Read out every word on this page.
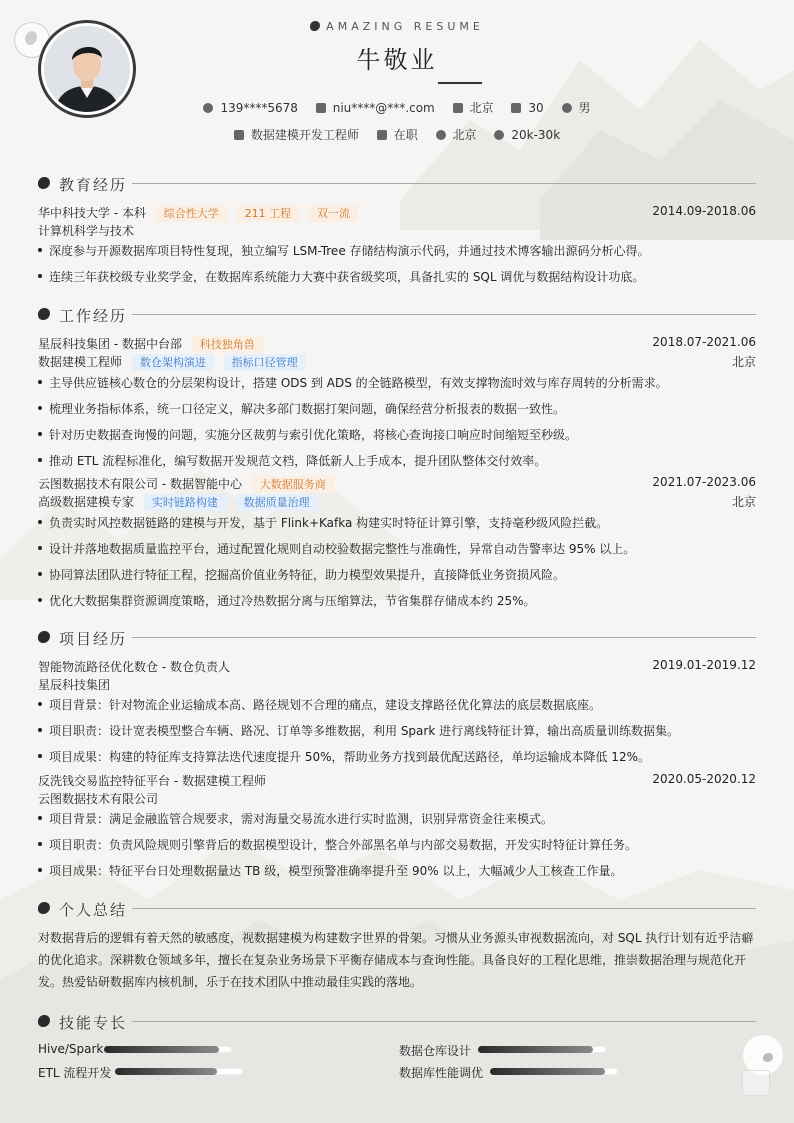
AMAZING RESUME
牛敬业
139****5678	niu****@***.com	北京	30	男
数据建模开发工程师	在职	北京	20k-30k
教育经历
华中科技大学 - 本科 综合性大学 211 工程 双一流	2014.09-2018.06
计算机科学与技术
深度参与开源数据库项目特性复现，独立编写 LSM-Tree 存储结构演示代码，并通过技术博客输出源码分析心得。
连续三年获校级专业奖学金，在数据库系统能力大赛中获省级奖项，具备扎实的 SQL 调优与数据结构设计功底。
工作经历
星辰科技集团 - 数据中台部 科技独角兽	2018.07-2021.06
数据建模工程师 数仓架构演进 指标口径管理	北京
主导供应链核心数仓的分层架构设计，搭建 ODS 到 ADS 的全链路模型，有效支撑物流时效与库存周转的分析需求。
梳理业务指标体系，统一口径定义，解决多部门数据打架问题，确保经营分析报表的数据一致性。
针对历史数据查询慢的问题，实施分区裁剪与索引优化策略，将核心查询接口响应时间缩短至秒级。
推动 ETL 流程标准化，编写数据开发规范文档，降低新人上手成本，提升团队整体交付效率。
云图数据技术有限公司 - 数据智能中心 大数据服务商	2021.07-2023.06
高级数据建模专家 实时链路构建 数据质量治理	北京
负责实时风控数据链路的建模与开发，基于 Flink+Kafka 构建实时特征计算引擎，支持毫秒级风险拦截。
设计并落地数据质量监控平台，通过配置化规则自动校验数据完整性与准确性，异常自动告警率达 95% 以上。
协同算法团队进行特征工程，挖掘高价值业务特征，助力模型效果提升，直接降低业务资损风险。
优化大数据集群资源调度策略，通过冷热数据分离与压缩算法，节省集群存储成本约 25%。
项目经历
智能物流路径优化数仓 - 数仓负责人	2019.01-2019.12
星辰科技集团
项目背景：针对物流企业运输成本高、路径规划不合理的痛点，建设支撑路径优化算法的底层数据底座。
项目职责：设计宽表模型整合车辆、路况、订单等多维数据，利用 Spark 进行离线特征计算，输出高质量训练数据集。
项目成果：构建的特征库支持算法迭代速度提升 50%，帮助业务方找到最优配送路径，单均运输成本降低 12%。
反洗钱交易监控特征平台 - 数据建模工程师	2020.05-2020.12
云图数据技术有限公司
项目背景：满足金融监管合规要求，需对海量交易流水进行实时监测，识别异常资金往来模式。
项目职责：负责风险规则引擎背后的数据模型设计，整合外部黑名单与内部交易数据，开发实时特征计算任务。
项目成果：特征平台日处理数据量达 TB 级，模型预警准确率提升至 90% 以上，大幅减少人工核查工作量。
个人总结
对数据背后的逻辑有着天然的敏感度，视数据建模为构建数字世界的骨架。习惯从业务源头审视数据流向，对 SQL 执行计划有近乎洁癖
的优化追求。深耕数仓领域多年，擅长在复杂业务场景下平衡存储成本与查询性能。具备良好的工程化思维，推崇数据治理与规范化开
发。热爱钻研数据库内核机制，乐于在技术团队中推动最佳实践的落地。
技能专长
Hive/Spark	数据仓库设计
ETL 流程开发	数据库性能调优
